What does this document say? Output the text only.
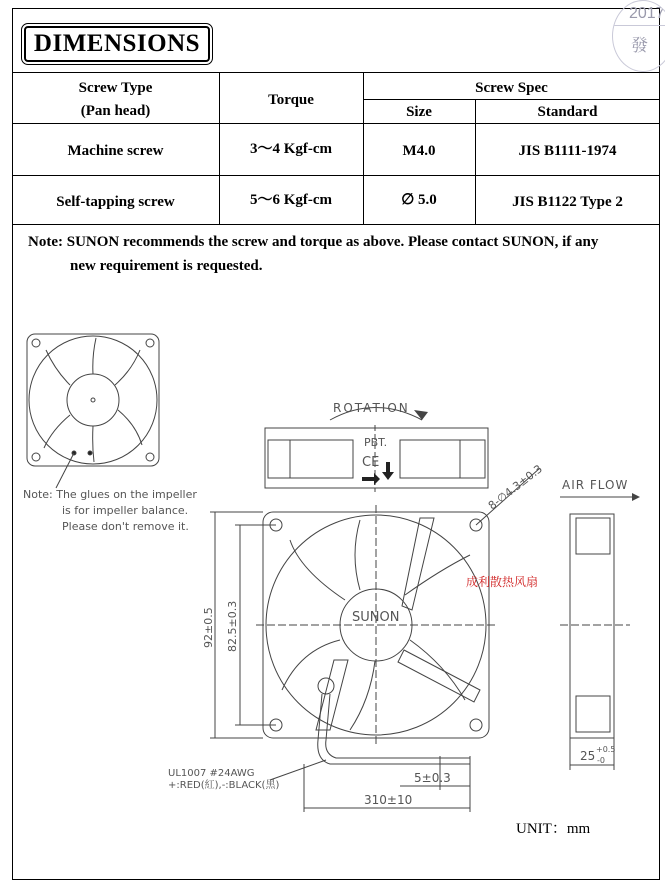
2017
發
DIMENSIONS
Screw Type
(Pan head)
Torque
Screw Spec
Size	Standard
Machine screw	3～4 Kgf-cm	M4.0	JIS B1111-1974
Self-tapping screw	5～6 Kgf-cm	∅ 5.0	JIS B1122 Type 2
Note: SUNON recommends the screw and torque as above. Please contact SUNON, if any
new requirement is requested.
Note: The glues on the impeller
is for impeller balance.
Please don't remove it.
ROTATION
PBT.
CE
SUNON
成利散热风扇
8-∅4.3±0.3
92±0.5 82.5±0.3
AIR FLOW
25 +0.5
-0
UL1007 #24AWG
+:RED(紅),-:BLACK(黑)
5±0.3
310±10
UNIT：mm
